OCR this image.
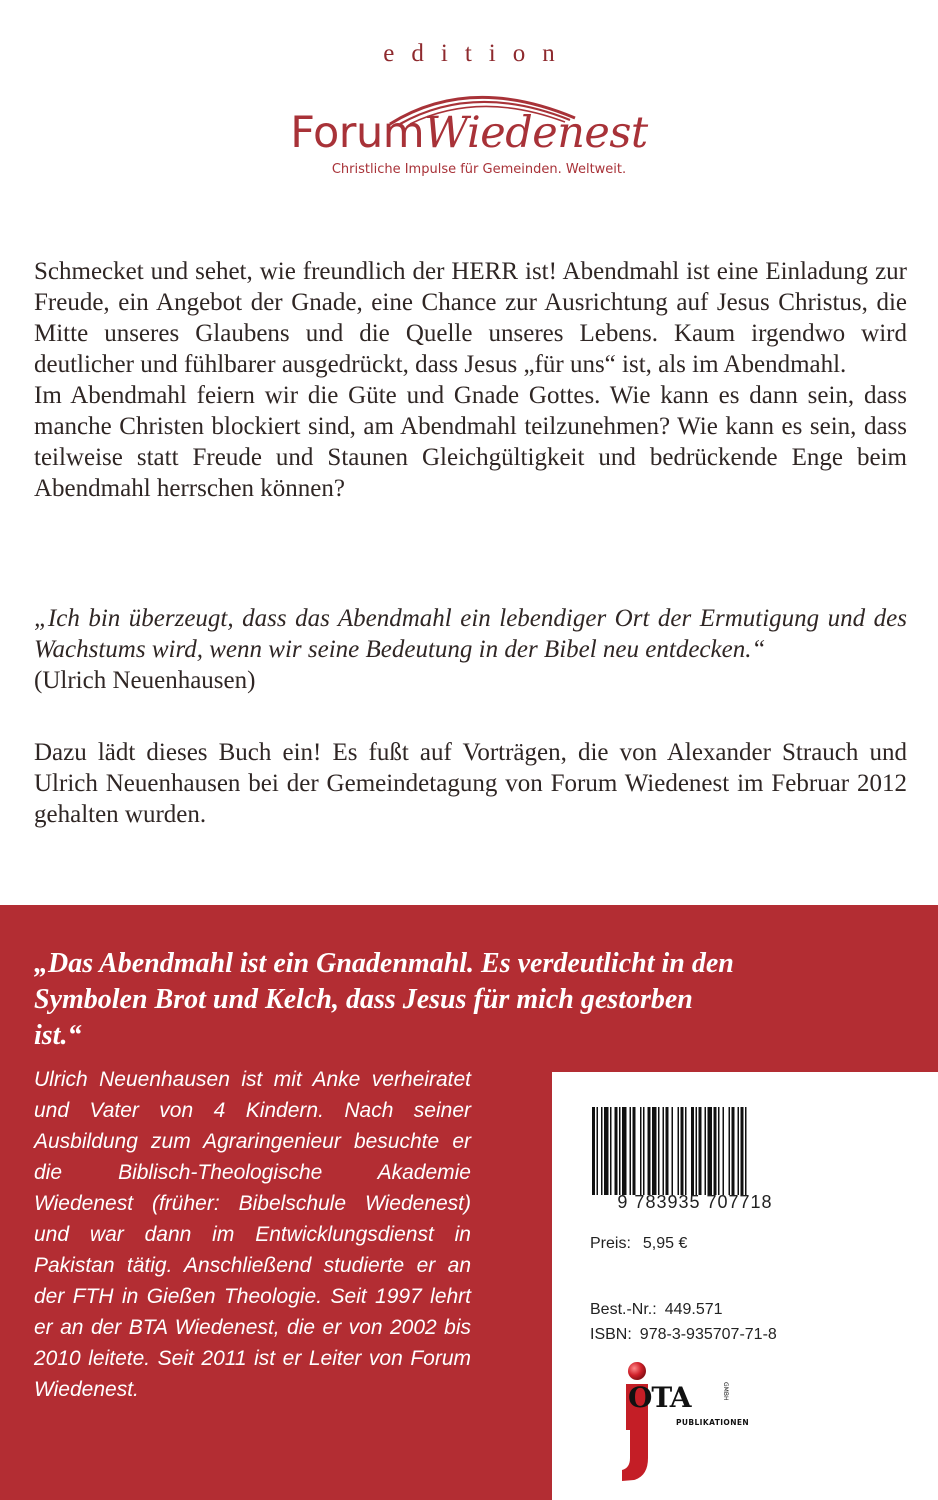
edition
ForumWiedenest
Christliche Impulse für Gemeinden. Weltweit.

Schmecket und sehet, wie freundlich der HERR ist! Abendmahl ist eine Einladung zur Freude, ein Angebot der Gnade, eine Chance zur Ausrichtung auf Jesus Christus, die Mitte unseres Glaubens und die Quelle unseres Lebens. Kaum irgendwo wird deutlicher und fühlbarer ausgedrückt, dass Jesus „für uns“ ist, als im Abendmahl.
Im Abendmahl feiern wir die Güte und Gnade Gottes. Wie kann es dann sein, dass manche Christen blockiert sind, am Abendmahl teilzunehmen? Wie kann es sein, dass teilweise statt Freude und Staunen Gleichgültigkeit und bedrückende Enge beim Abendmahl herrschen können?

„Ich bin überzeugt, dass das Abendmahl ein lebendiger Ort der Ermutigung und des Wachstums wird, wenn wir seine Bedeutung in der Bibel neu entdecken.“

(Ulrich Neuenhausen)

Dazu lädt dieses Buch ein! Es fußt auf Vorträgen, die von Alexander Strauch und Ulrich Neuenhausen bei der Gemeindetagung von Forum Wiedenest im Februar 2012 gehalten wurden.

„Das Abendmahl ist ein Gnadenmahl. Es verdeutlicht in den Symbolen Brot und Kelch, dass Jesus für mich gestorben ist.“

Ulrich Neuenhausen ist mit Anke verheiratet und Vater von 4 Kindern. Nach seiner Ausbildung zum Agraringenieur besuchte er die Biblisch-Theologische Akademie Wiedenest (früher: Bibelschule Wiedenest) und war dann im Entwicklungsdienst in Pakistan tätig. Anschließend studierte er an der FTH in Gießen Theologie. Seit 1997 lehrt er an der BTA Wiedenest, die er von 2002 bis 2010 leitete. Seit 2011 ist er Leiter von Forum Wiedenest.

9 783935 707718
Preis: 5,95 €
Best.-Nr.: 449.571
ISBN: 978-3-935707-71-8
GMBH
OTA
PUBLIKATIONEN
